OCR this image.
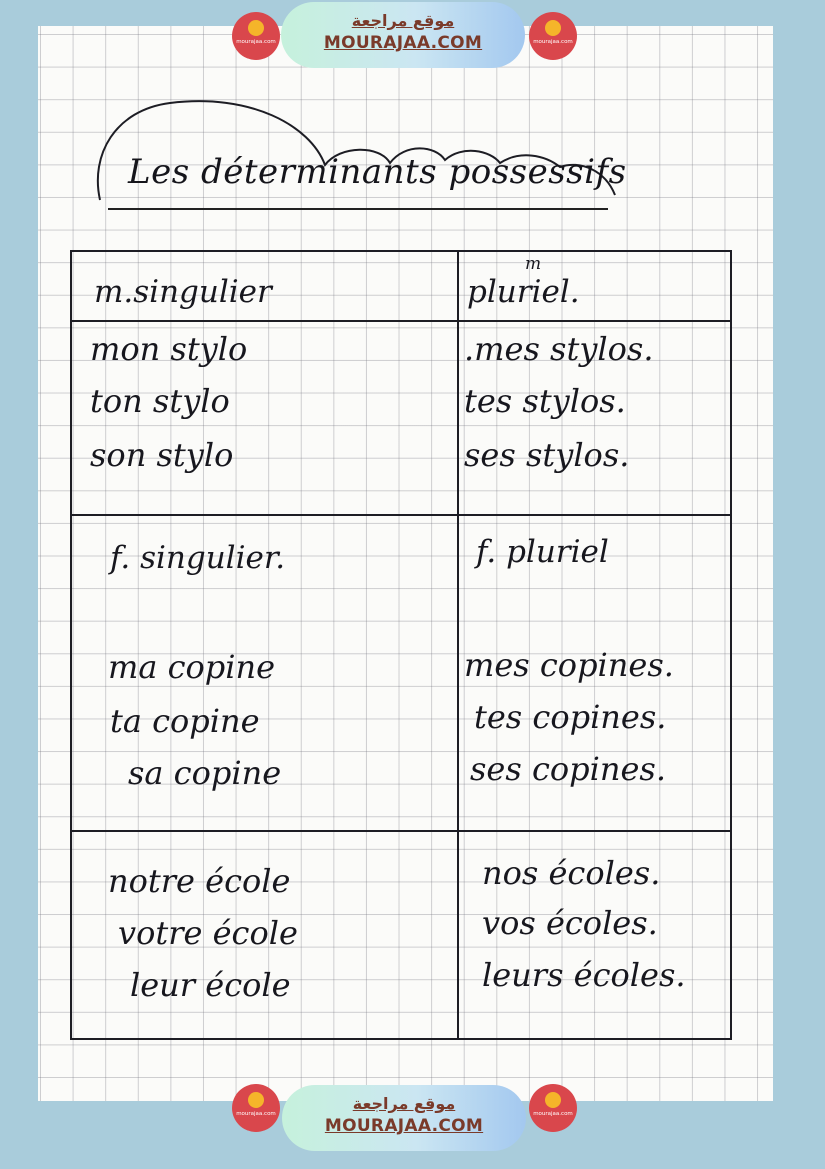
mourajaa.com
موقع مراجعة
MOURAJAA.COM	mourajaa.com
Les déterminants possessifs
m.singulier	pluriel.
m
mon stylo	.mes stylos.
ton stylo	tes stylos.
son stylo	ses stylos.
f. singulier.	f. pluriel
ma copine	mes copines.
ta copine	tes copines.
sa copine	ses copines.
notre école	nos écoles.
votre école	vos écoles.
leur école	leurs écoles.
mourajaa.com
موقع مراجعة
MOURAJAA.COM
mourajaa.com
